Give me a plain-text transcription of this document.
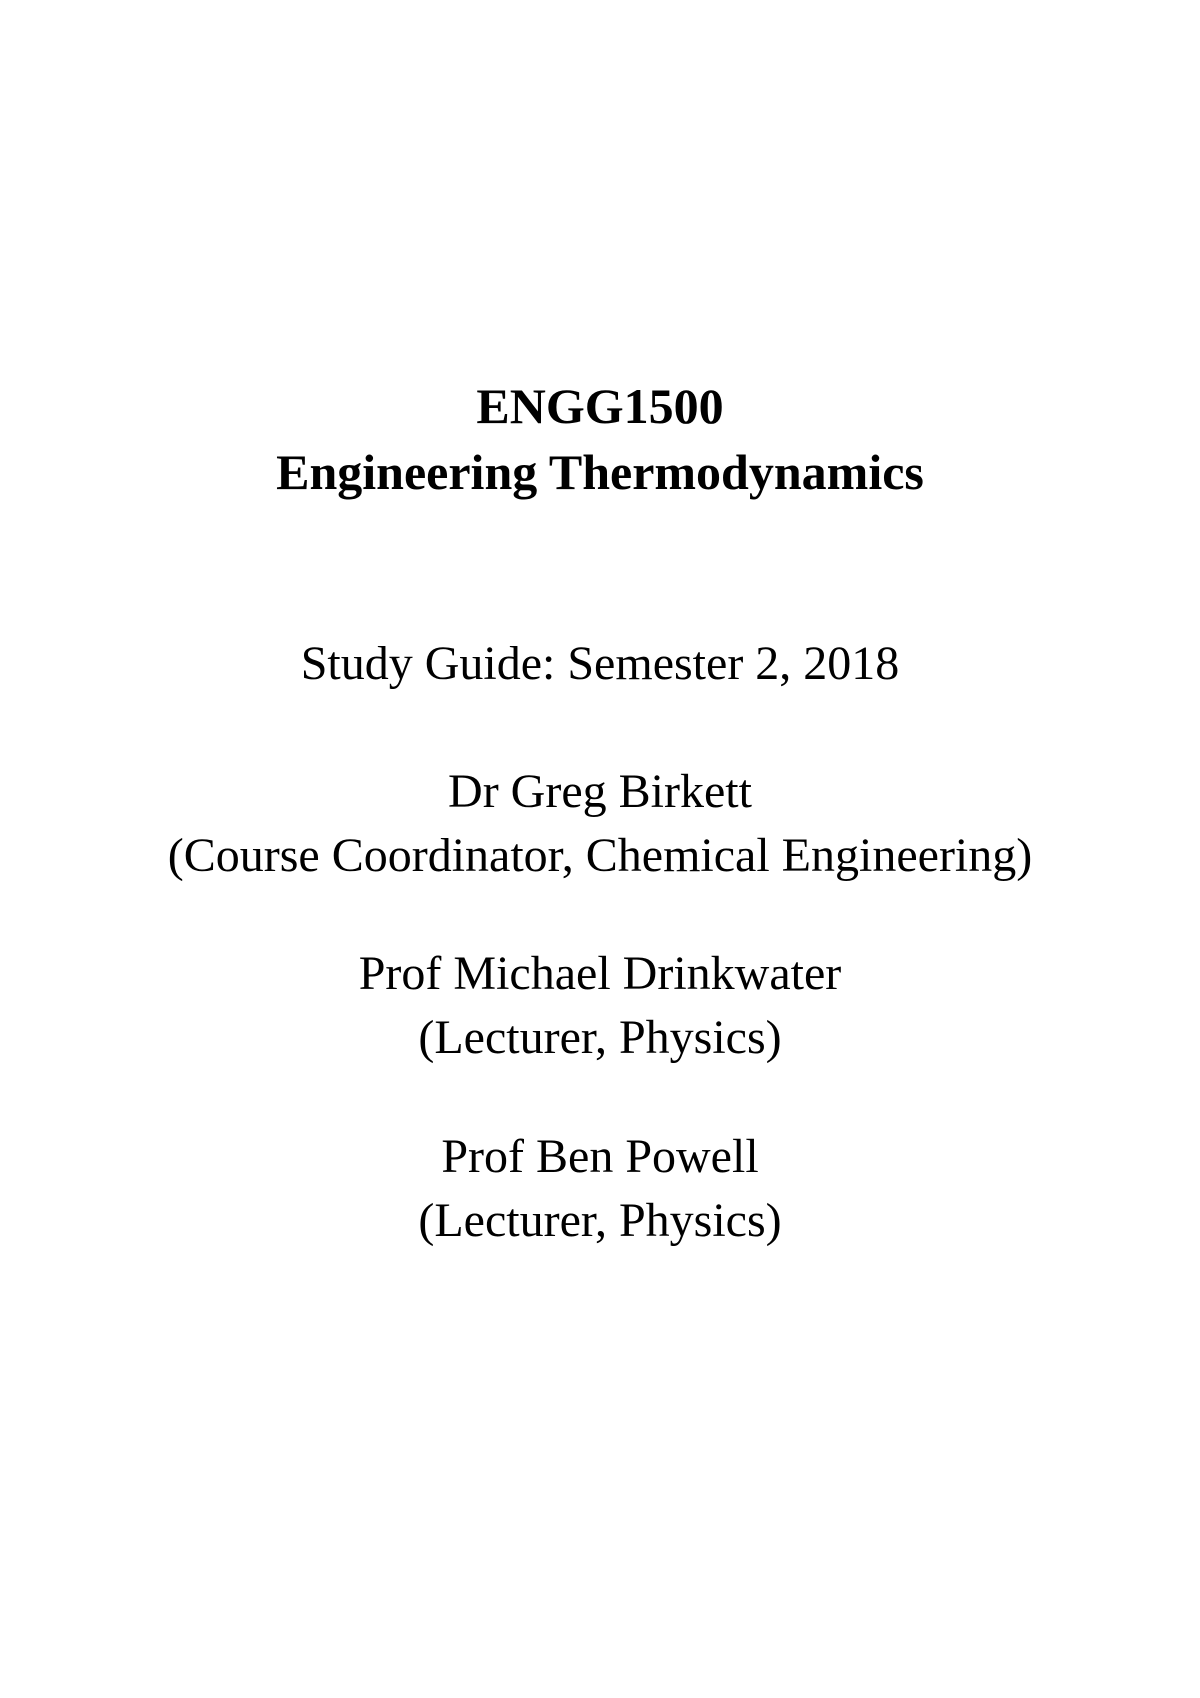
ENGG1500
Engineering Thermodynamics
Study Guide: Semester 2, 2018
Dr Greg Birkett
(Course Coordinator, Chemical Engineering)
Prof Michael Drinkwater
(Lecturer, Physics)
Prof Ben Powell
(Lecturer, Physics)
